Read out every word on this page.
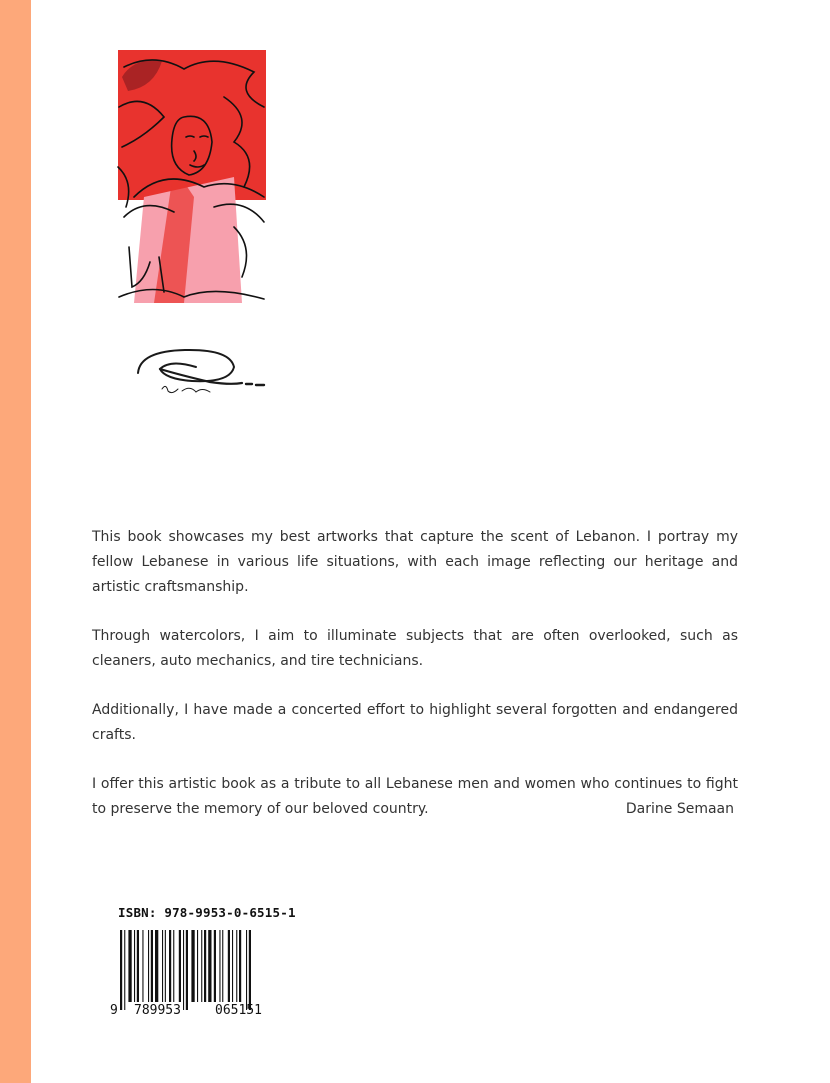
This book showcases my best artworks that capture the scent of Lebanon. I portray my fellow Lebanese in various life situations, with each image reflecting our heritage and artistic craftsmanship.

Through watercolors, I aim to illuminate subjects that are often overlooked, such as cleaners, auto mechanics, and tire technicians.

Additionally, I have made a concerted effort to highlight several forgotten and endangered crafts.

I offer this artistic book as a tribute to all Lebanese men and women who continues to fight to preserve the memory of our beloved country.	Darine Semaan
ISBN: 978-9953-0-6515-1
9 789953	065151
